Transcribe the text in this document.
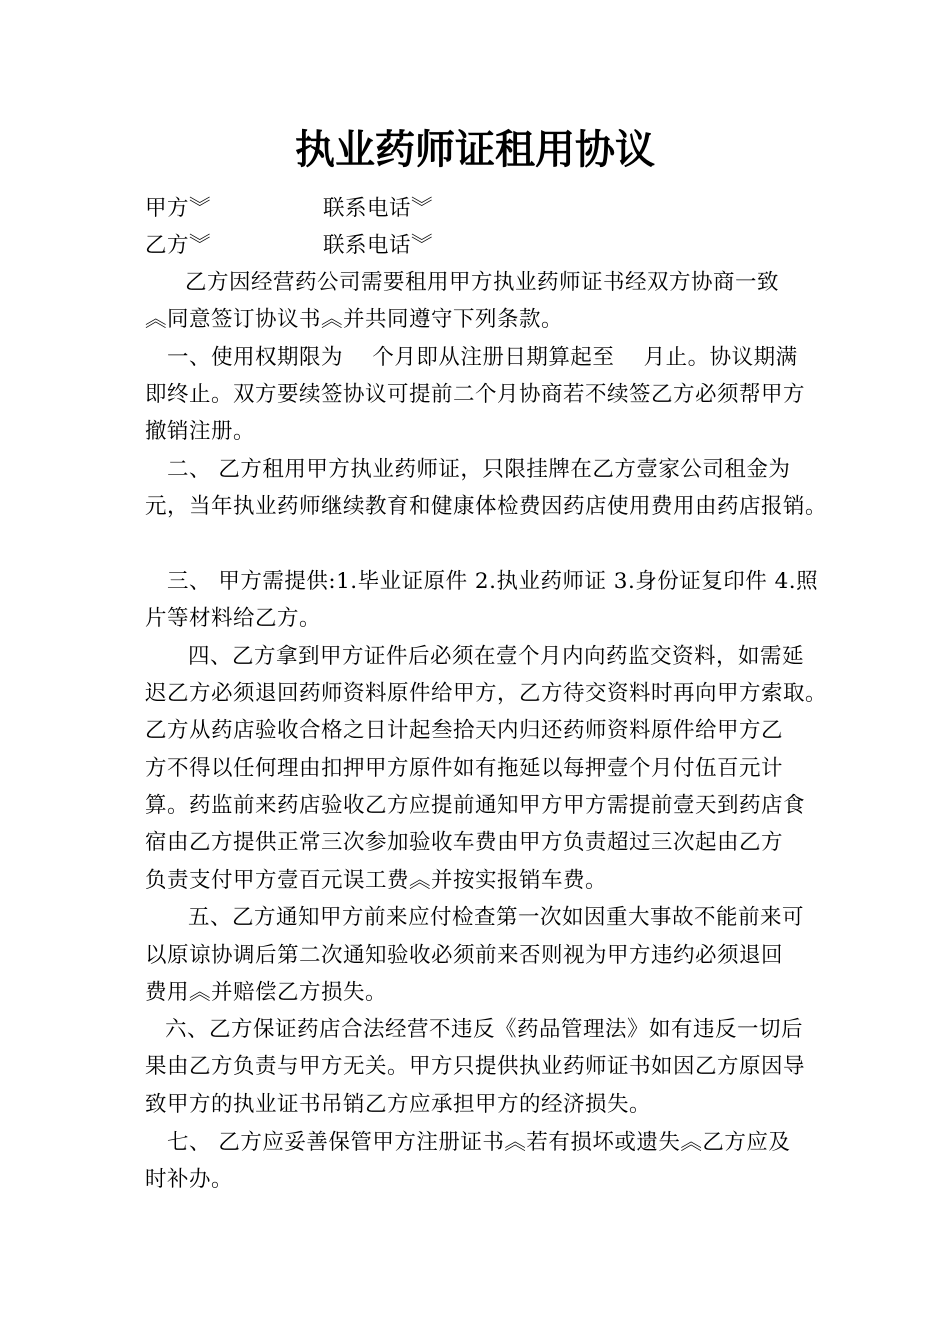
执业药师证租用协议
甲方︾	联系电话︾
乙方︾	联系电话︾
乙方因经营药公司需要租用甲方执业药师证书经双方协商一致
︽同意签订协议书︽并共同遵守下列条款。
一、使用权期限为　 个月即从注册日期算起至　 月止。协议期满
即终止。双方要续签协议可提前二个月协商若不续签乙方必须帮甲方
撤销注册。
二、 乙方租用甲方执业药师证，只限挂牌在乙方壹家公司租金为
元，当年执业药师继续教育和健康体检费因药店使用费用由药店报销。
三、 甲方需提供:1.毕业证原件 2.执业药师证 3.身份证复印件 4.照
片等材料给乙方。
四、乙方拿到甲方证件后必须在壹个月内向药监交资料，如需延
迟乙方必须退回药师资料原件给甲方，乙方待交资料时再向甲方索取。
乙方从药店验收合格之日计起叁拾天内归还药师资料原件给甲方乙
方不得以任何理由扣押甲方原件如有拖延以每押壹个月付伍百元计
算。药监前来药店验收乙方应提前通知甲方甲方需提前壹天到药店食
宿由乙方提供正常三次参加验收车费由甲方负责超过三次起由乙方
负责支付甲方壹百元误工费︽并按实报销车费。
五、乙方通知甲方前来应付检查第一次如因重大事故不能前来可
以原谅协调后第二次通知验收必须前来否则视为甲方违约必须退回
费用︽并赔偿乙方损失。
六、乙方保证药店合法经营不违反《药品管理法》如有违反一切后
果由乙方负责与甲方无关。甲方只提供执业药师证书如因乙方原因导
致甲方的执业证书吊销乙方应承担甲方的经济损失。
七、 乙方应妥善保管甲方注册证书︽若有损坏或遗失︽乙方应及
时补办。
